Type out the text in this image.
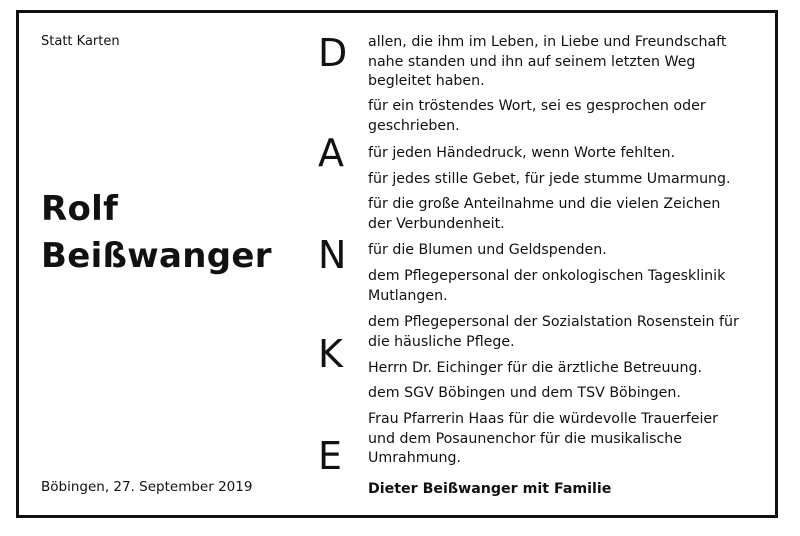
Statt Karten
Rolf
Beißwanger
Böbingen, 27. September 2019
D
A
N
K
E
allen, die ihm im Leben, in Liebe und Freundschaft
nahe standen und ihn auf seinem letzten Weg
begleitet haben.
für ein tröstendes Wort, sei es gesprochen oder
geschrieben.
für jeden Händedruck, wenn Worte fehlten.
für jedes stille Gebet, für jede stumme Umarmung.
für die große Anteilnahme und die vielen Zeichen
der Verbundenheit.
für die Blumen und Geldspenden.
dem Pflegepersonal der onkologischen Tagesklinik
Mutlangen.
dem Pflegepersonal der Sozialstation Rosenstein für
die häusliche Pflege.
Herrn Dr. Eichinger für die ärztliche Betreuung.
dem SGV Böbingen und dem TSV Böbingen.
Frau Pfarrerin Haas für die würdevolle Trauerfeier
und dem Posaunenchor für die musikalische
Umrahmung.
Dieter Beißwanger mit Familie
